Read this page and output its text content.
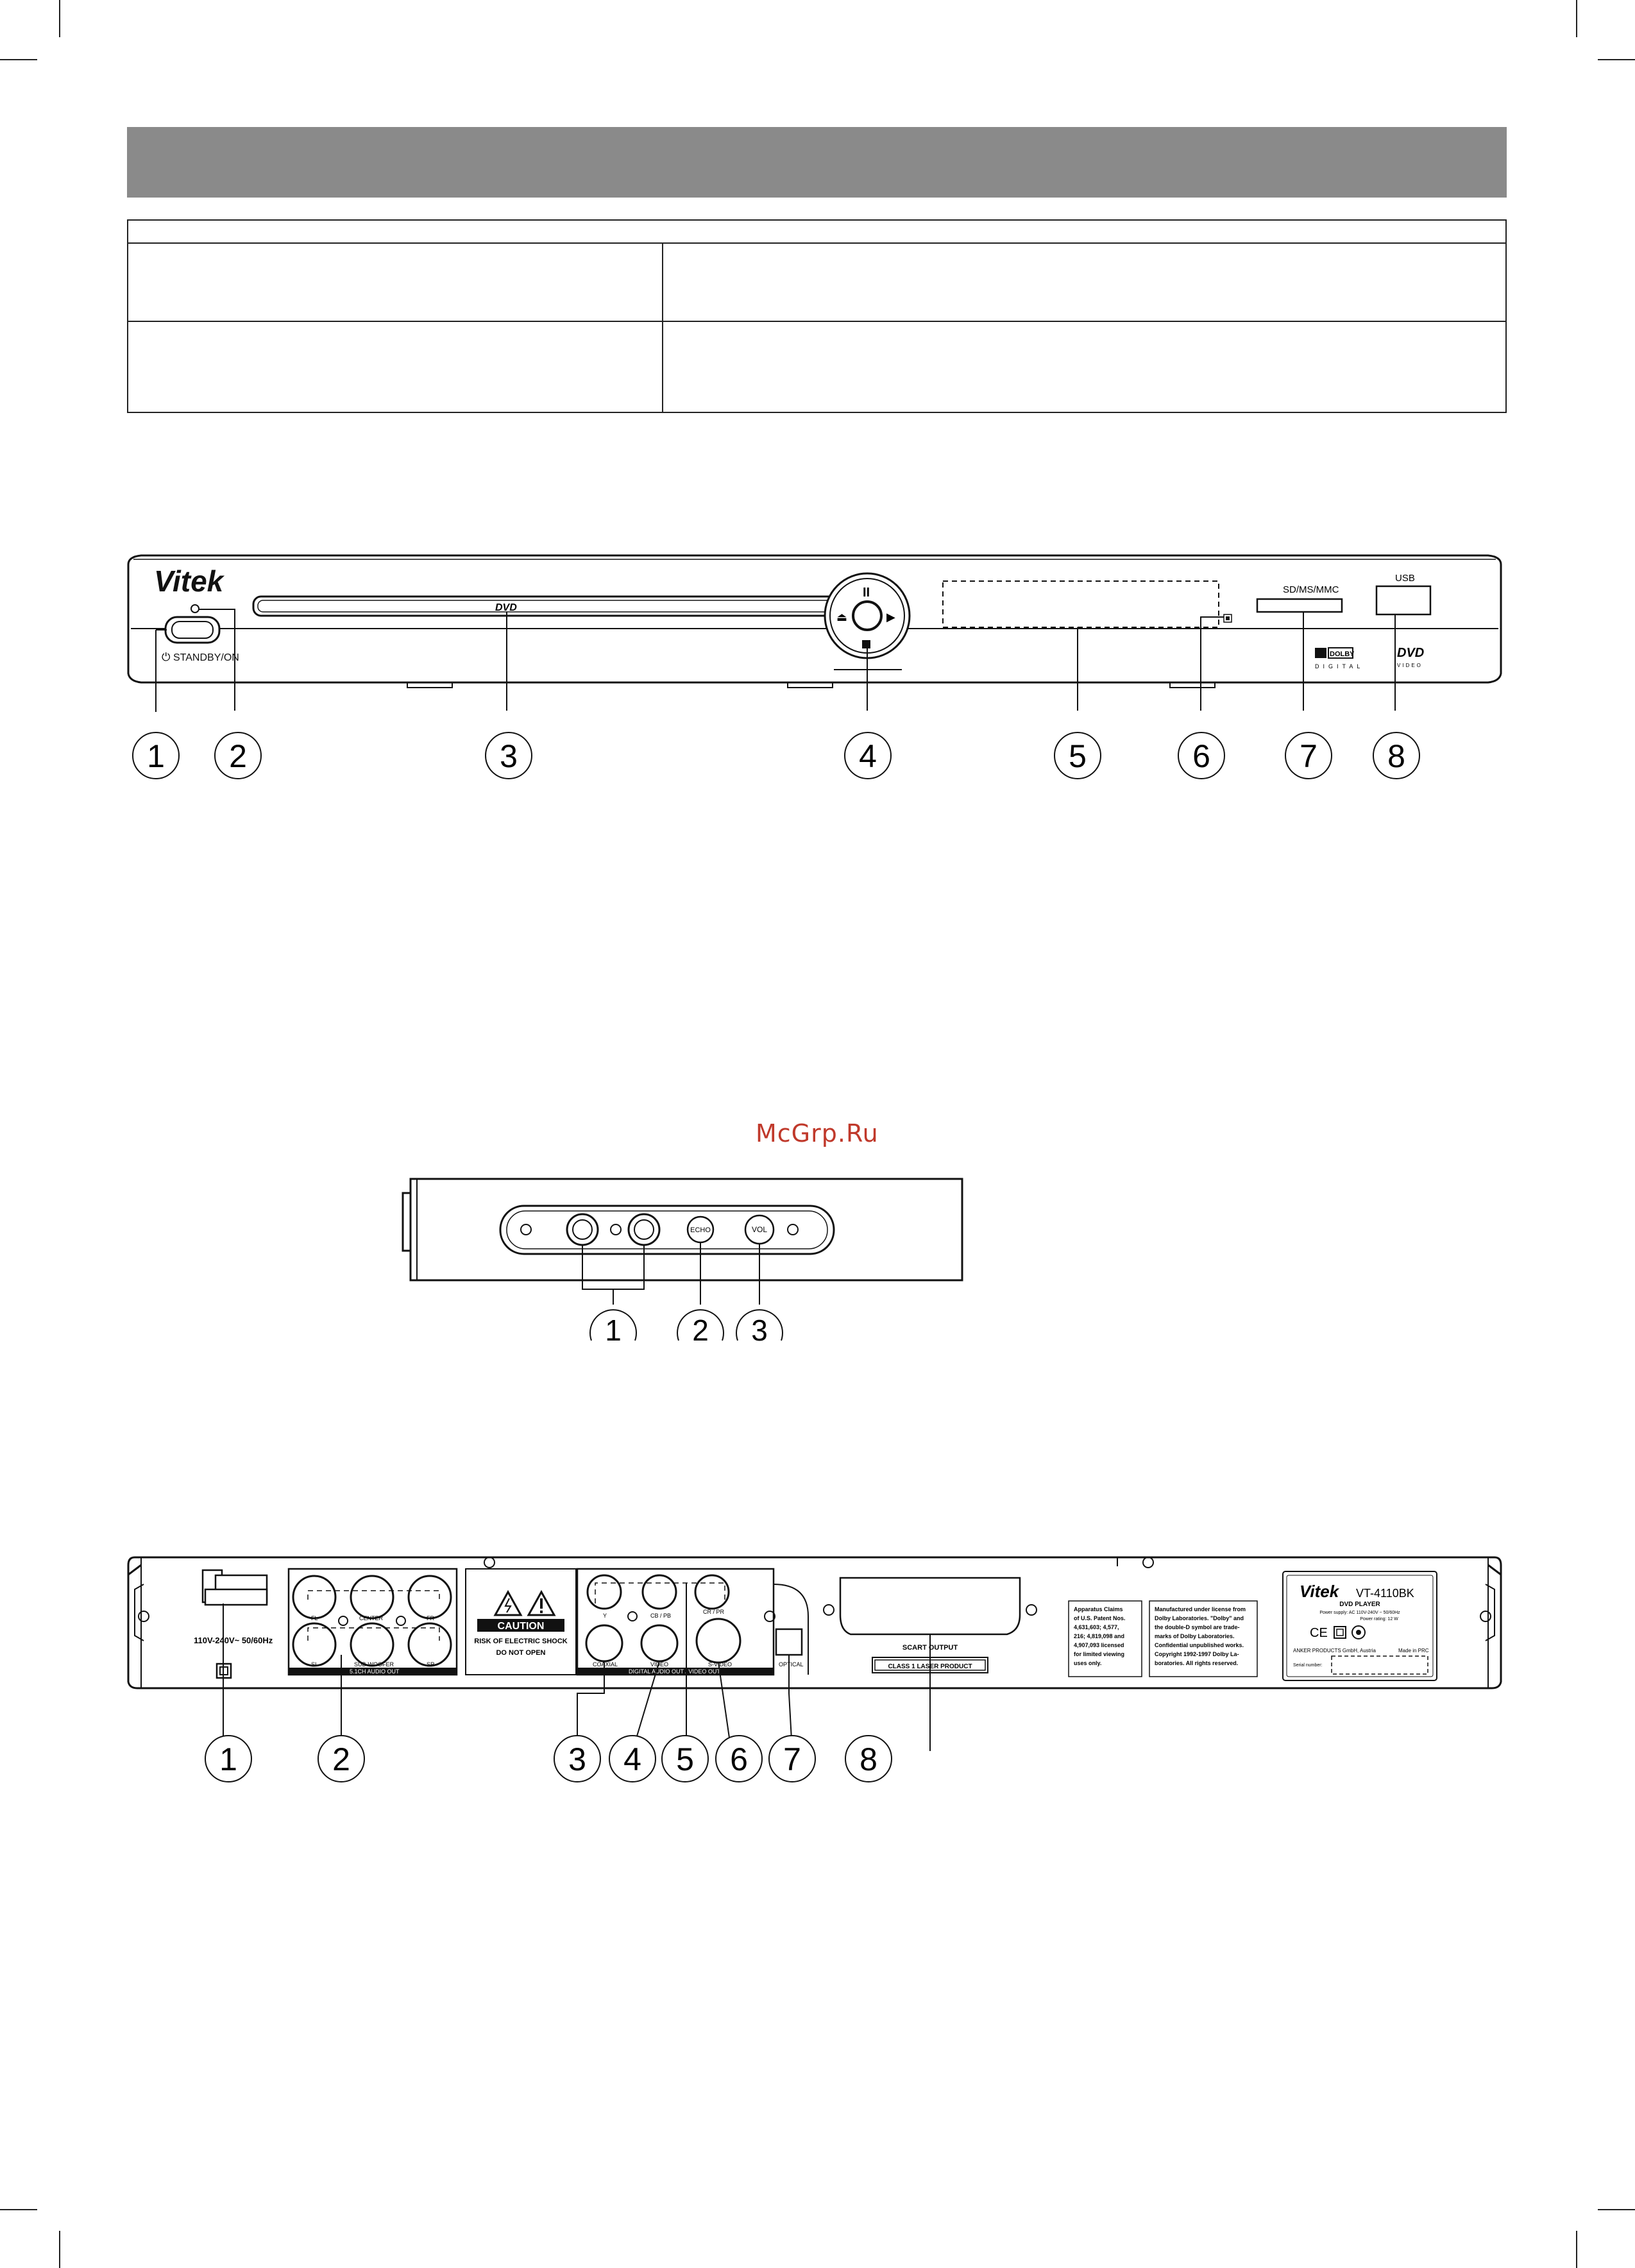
Vitek
⏻ STANDBY/ON
DVD
II
▶
⏏
SD/MS/MMC
USB
DOLBY
DIGITAL
DVD
VIDEO
1 2	3	4	5	6	7 8
McGrp.Ru
ECHO	VOL
1 2 3
110V-240V~ 50/60Hz
FL	CENTER	FR
SL	SUB-WOOFER	SR
5.1CH AUDIO OUT
CAUTION
RISK OF ELECTRIC SHOCK
DO NOT OPEN
Y	CB / PB
CR / PR
COAXIAL	VIDEO	S-VIDEO	OPTICAL
DIGITAL AUDIO OUT / VIDEO OUT
SCART OUTPUT
CLASS 1 LASER PRODUCT
Apparatus Claims
of U.S. Patent Nos.
4,631,603; 4,577,
216; 4,819,098 and
4,907,093 licensed
for limited viewing
uses only.
Manufactured under license from
Dolby Laboratories. "Dolby" and
the double-D symbol are trade-
marks of Dolby Laboratories.
Confidential unpublished works.
Copyright 1992-1997 Dolby La-
boratories. All rights reserved.
Vitek VT-4110BK
DVD PLAYER
Power supply: AC 110V-240V ~ 50/60Hz
Power rating: 12 W
CE
ANKER PRODUCTS GmbH, Austria	Made in PRC
Serial number:
1	2	3 4 5 6 7 8
